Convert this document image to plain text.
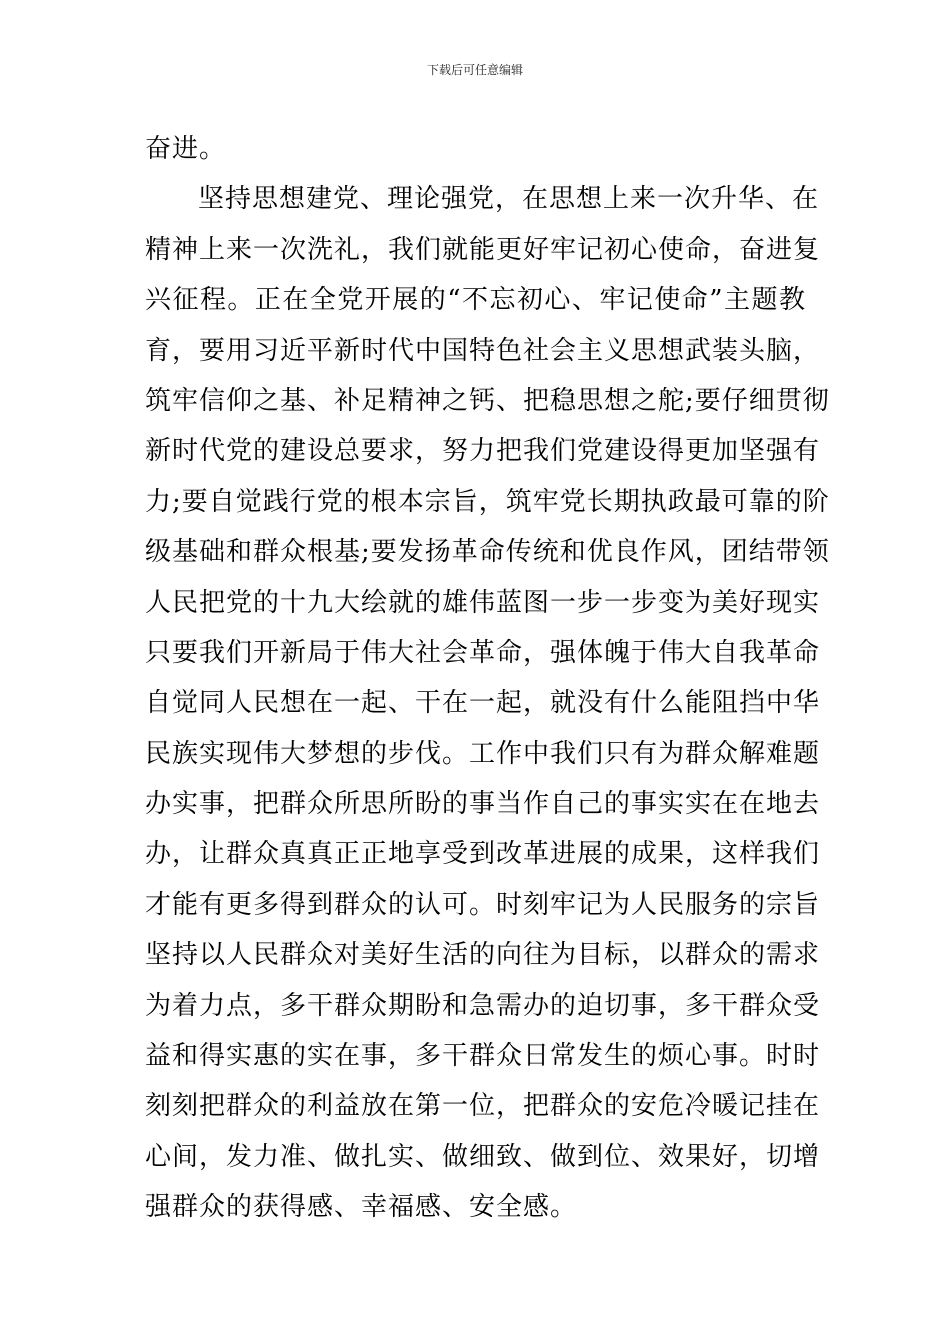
下载后可任意编辑
奋进。
坚持思想建党、理论强党，在思想上来一次升华、在
精神上来一次洗礼，我们就能更好牢记初心使命，奋进复
兴征程。正在全党开展的“不忘初心、牢记使命”主题教
育，要用习近平新时代中国特色社会主义思想武装头脑，
筑牢信仰之基、补足精神之钙、把稳思想之舵;要仔细贯彻
新时代党的建设总要求，努力把我们党建设得更加坚强有
力;要自觉践行党的根本宗旨，筑牢党长期执政最可靠的阶
级基础和群众根基;要发扬革命传统和优良作风，团结带领
人民把党的十九大绘就的雄伟蓝图一步一步变为美好现实
只要我们开新局于伟大社会革命，强体魄于伟大自我革命
自觉同人民想在一起、干在一起，就没有什么能阻挡中华
民族实现伟大梦想的步伐。工作中我们只有为群众解难题
办实事，把群众所思所盼的事当作自己的事实实在在地去
办，让群众真真正正地享受到改革进展的成果，这样我们
才能有更多得到群众的认可。时刻牢记为人民服务的宗旨
坚持以人民群众对美好生活的向往为目标，以群众的需求
为着力点，多干群众期盼和急需办的迫切事，多干群众受
益和得实惠的实在事，多干群众日常发生的烦心事。时时
刻刻把群众的利益放在第一位，把群众的安危冷暖记挂在
心间，发力准、做扎实、做细致、做到位、效果好，切增
强群众的获得感、幸福感、安全感。
